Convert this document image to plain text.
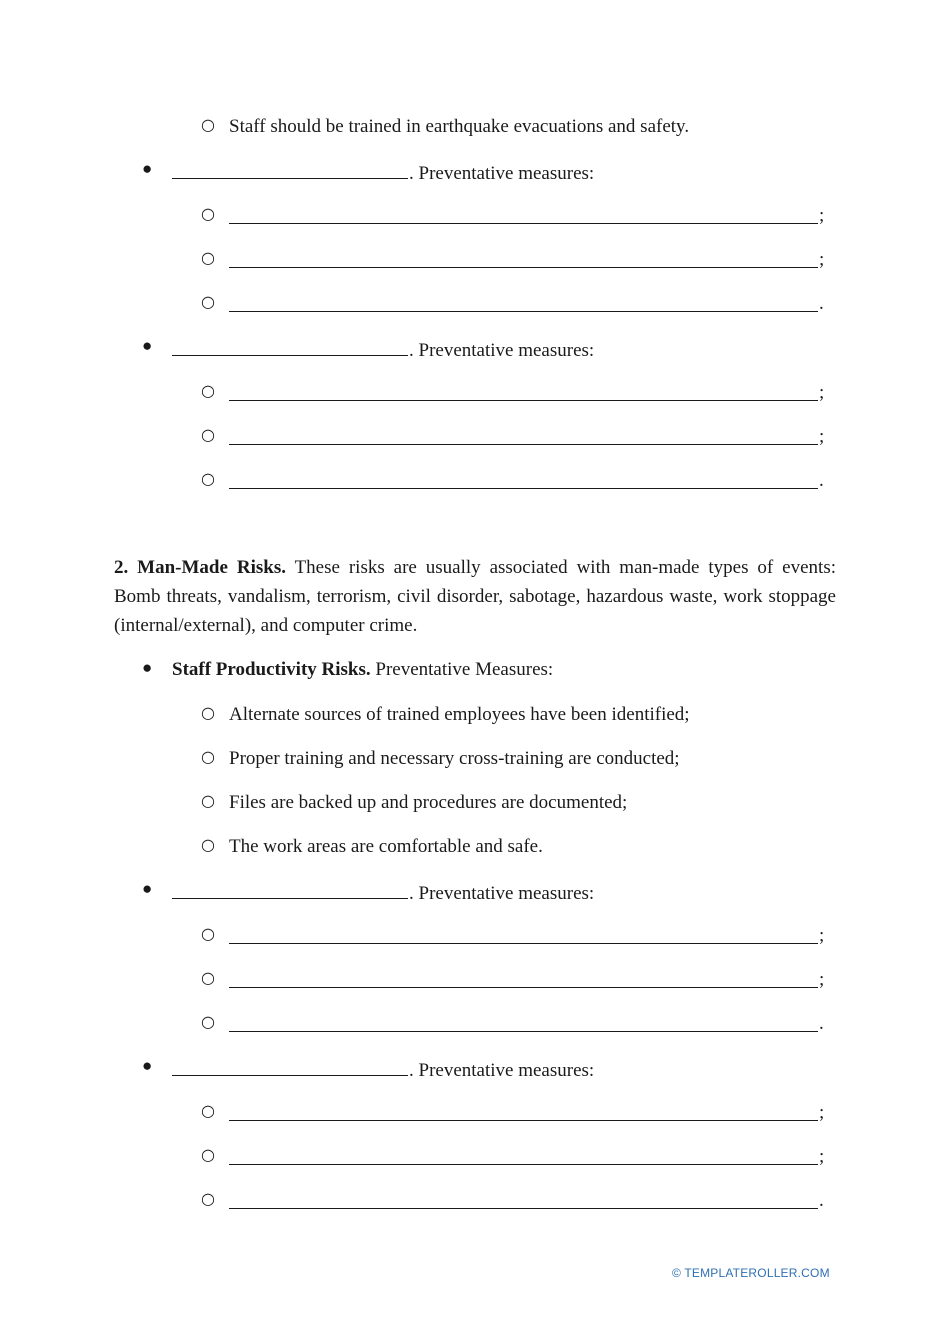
○ Staff should be trained in earthquake evacuations and safety.
●	. Preventative measures:
○	;
○	;
○	.
●	. Preventative measures:
○	;
○	;
○	.
2. Man-Made Risks. These risks are usually associated with man-made types of events: Bomb threats, vandalism, terrorism, civil disorder, sabotage, hazardous waste, work stoppage (internal/external), and computer crime.
● Staff Productivity Risks. Preventative Measures:
○ Alternate sources of trained employees have been identified;
○ Proper training and necessary cross-training are conducted;
○ Files are backed up and procedures are documented;
○ The work areas are comfortable and safe.
●	. Preventative measures:
○	;
○	;
○	.
●	. Preventative measures:
○	;
○	;
○	.
© TEMPLATEROLLER.COM
